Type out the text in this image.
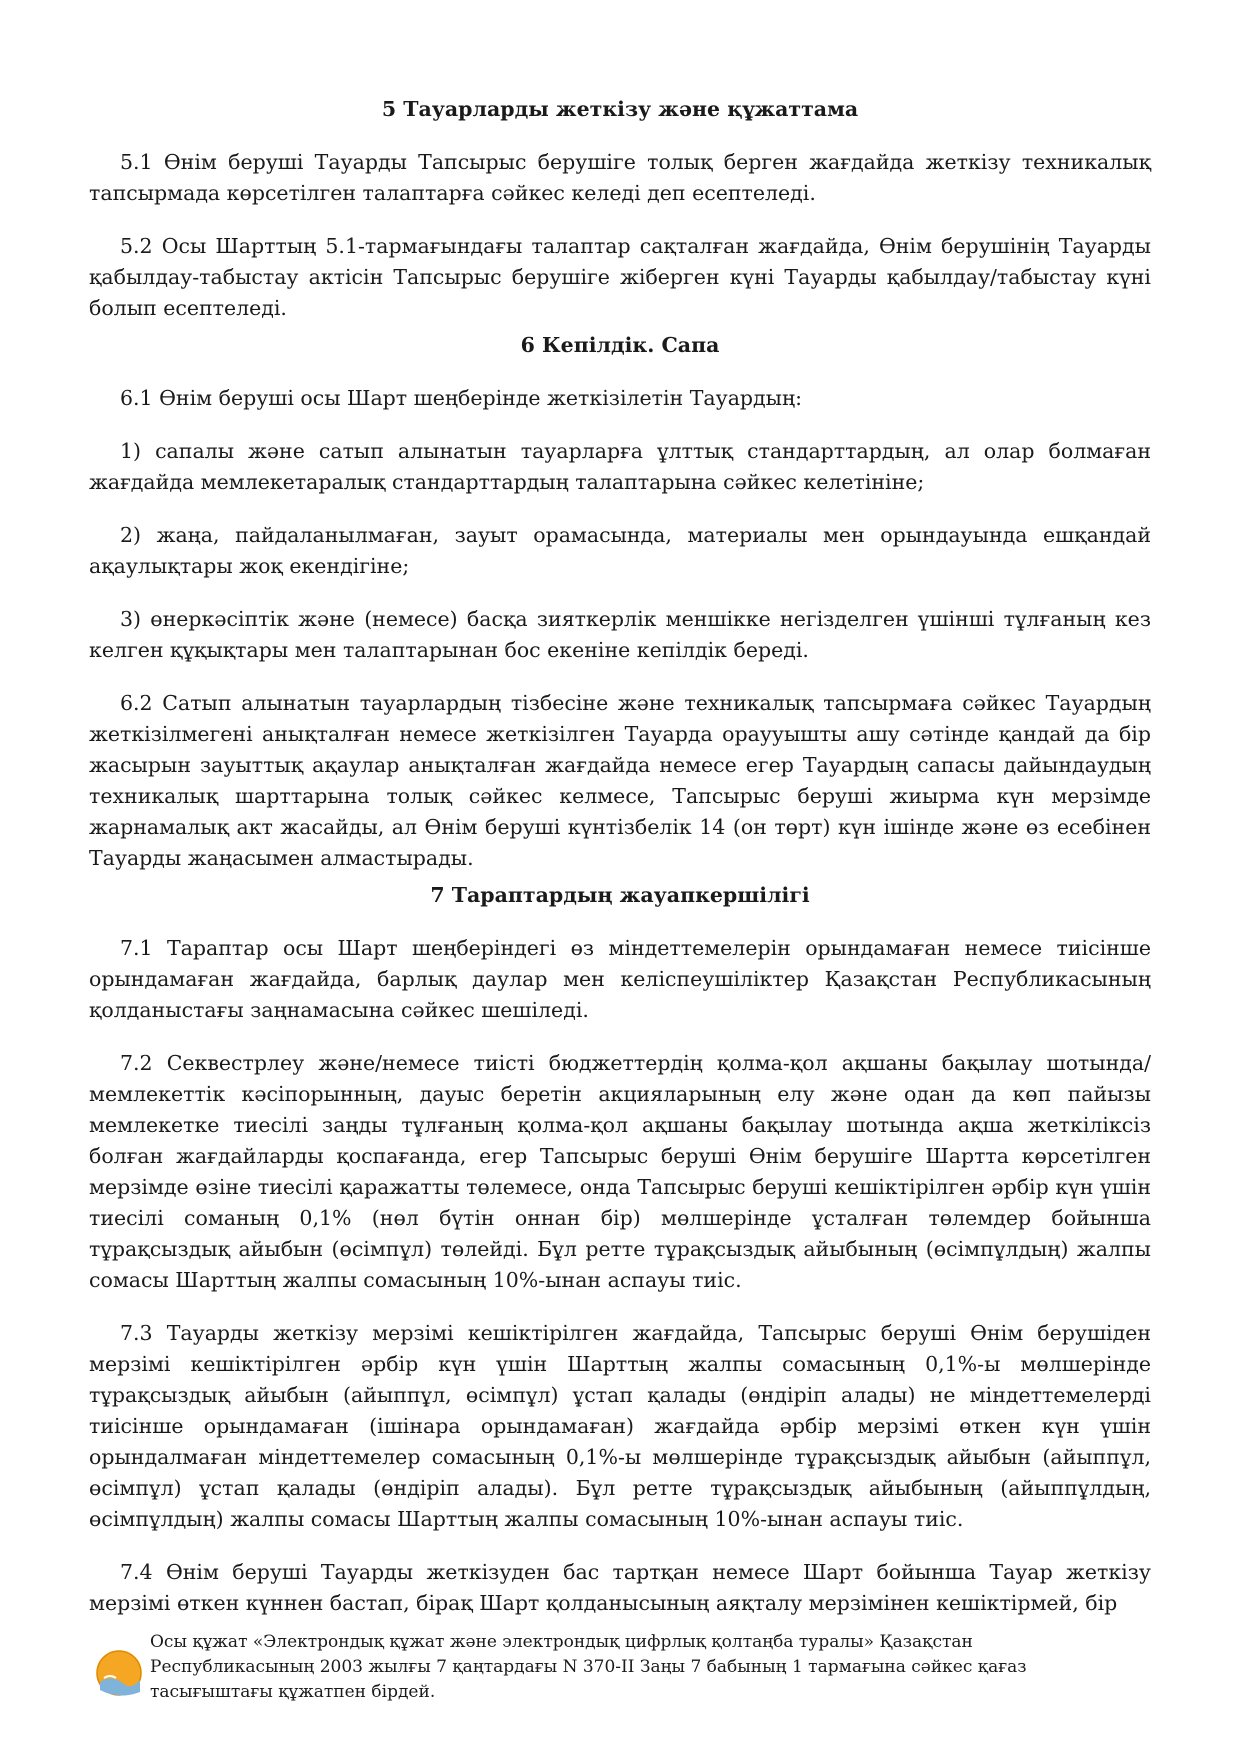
5 Тауарларды жеткізу және құжаттама

5.1 Өнім беруші Тауарды Тапсырыс берушіге толық берген жағдайда жеткізу техникалық тапсырмада көрсетілген талаптарға сәйкес келеді деп есептеледі.

5.2 Осы Шарттың 5.1-тармағындағы талаптар сақталған жағдайда, Өнім берушінің Тауарды қабылдау-табыстау актісін Тапсырыс берушіге жіберген күні Тауарды қабылдау/табыстау күні болып есептеледі.

6 Кепілдік. Сапа

6.1 Өнім беруші осы Шарт шеңберінде жеткізілетін Тауардың:

1) сапалы және сатып алынатын тауарларға ұлттық стандарттардың, ал олар болмаған жағдайда мемлекетаралық стандарттардың талаптарына сәйкес келетініне;

2) жаңа, пайдаланылмаған, зауыт орамасында, материалы мен орындауында ешқандай ақаулықтары жоқ екендігіне;

3) өнеркәсіптік және (немесе) басқа зияткерлік меншікке негізделген үшінші тұлғаның кез келген құқықтары мен талаптарынан бос екеніне кепілдік береді.

6.2 Сатып алынатын тауарлардың тізбесіне және техникалық тапсырмаға сәйкес Тауардың жеткізілмегені анықталған немесе жеткізілген Тауарда ораууышты ашу сәтінде қандай да бір жасырын зауыттық ақаулар анықталған жағдайда немесе егер Тауардың сапасы дайындаудың техникалық шарттарына толық сәйкес келмесе, Тапсырыс беруші жиырма күн мерзімде жарнамалық акт жасайды, ал Өнім беруші күнтізбелік 14 (он төрт) күн ішінде және өз есебінен Тауарды жаңасымен алмастырады.

7 Тараптардың жауапкершілігі

7.1 Тараптар осы Шарт шеңберіндегі өз міндеттемелерін орындамаған немесе тиісінше орындамаған жағдайда, барлық даулар мен келіспеушіліктер Қазақстан Республикасының қолданыстағы заңнамасына сәйкес шешіледі.

7.2 Секвестрлеу және/немесе тиісті бюджеттердің қолма-қол ақшаны бақылау шотында/мемлекеттік кәсіпорынның, дауыс беретін акцияларының елу және одан да көп пайызы мемлекетке тиесілі заңды тұлғаның қолма-қол ақшаны бақылау шотында ақша жеткіліксіз болған жағдайларды қоспағанда, егер Тапсырыс беруші Өнім берушіге Шартта көрсетілген мерзімде өзіне тиесілі қаражатты төлемесе, онда Тапсырыс беруші кешіктірілген әрбір күн үшін тиесілі соманың 0,1% (нөл бүтін оннан бір) мөлшерінде ұсталған төлемдер бойынша тұрақсыздық айыбын (өсімпұл) төлейді. Бұл ретте тұрақсыздық айыбының (өсімпұлдың) жалпы сомасы Шарттың жалпы сомасының 10%-ынан аспауы тиіс.

7.3 Тауарды жеткізу мерзімі кешіктірілген жағдайда, Тапсырыс беруші Өнім берушіден мерзімі кешіктірілген әрбір күн үшін Шарттың жалпы сомасының 0,1%-ы мөлшерінде тұрақсыздық айыбын (айыппұл, өсімпұл) ұстап қалады (өндіріп алады) не міндеттемелерді тиісінше орындамаған (ішінара орындамаған) жағдайда әрбір мерзімі өткен күн үшін орындалмаған міндеттемелер сомасының 0,1%-ы мөлшерінде тұрақсыздық айыбын (айыппұл, өсімпұл) ұстап қалады (өндіріп алады). Бұл ретте тұрақсыздық айыбының (айыппұлдың, өсімпұлдың) жалпы сомасы Шарттың жалпы сомасының 10%-ынан аспауы тиіс.

7.4 Өнім беруші Тауарды жеткізуден бас тартқан немесе Шарт бойынша Тауар жеткізу мерзімі өткен күннен бастап, бірақ Шарт қолданысының аяқталу мерзімінен кешіктірмей, бір

Осы құжат «Электрондық құжат және электрондық цифрлық қолтаңба туралы» Қазақстан Республикасының 2003 жылғы 7 қаңтардағы N 370-II Заңы 7 бабының 1 тармағына сәйкес қағаз тасығыштағы құжатпен бірдей.
